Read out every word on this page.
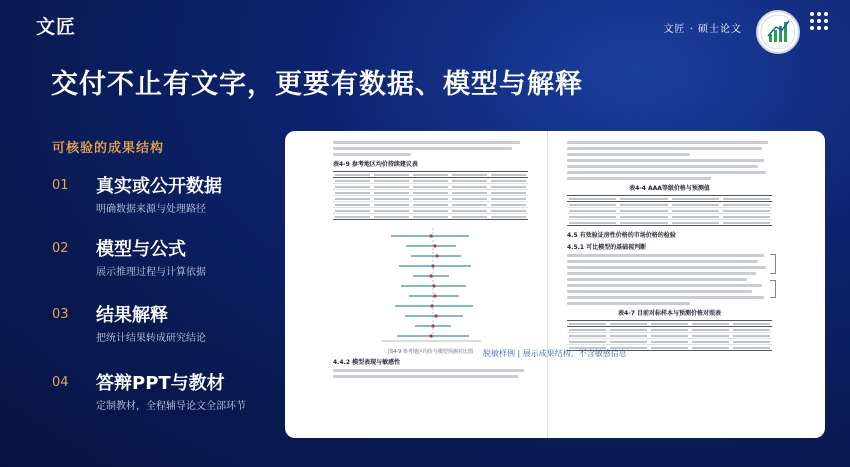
文匠	文匠 · 硕士论文
交付不止有文字，更要有数据、模型与解释
可核验的成果结构
01 真实或公开数据
明确数据来源与处理路径
02 模型与公式
展示推理过程与计算依据
03 结果解释
把统计结果转成研究结论
04 答辩PPT与教材
定制教材，全程辅导论文全部环节
表4-9 参考地区均价持续建议表

图4-9 参考地区均价与模型预测对比图
4.4.2 模型表现与敏感性
表4-4 AAA等级价格与预测值

4.5 有效验证房性价格的市场价格的检验
4.5.1 可比模型的基础视判断
表4-7 目前对标样本与预测价格对照表

脱敏样例 | 展示成果结构，不含敏感信息
